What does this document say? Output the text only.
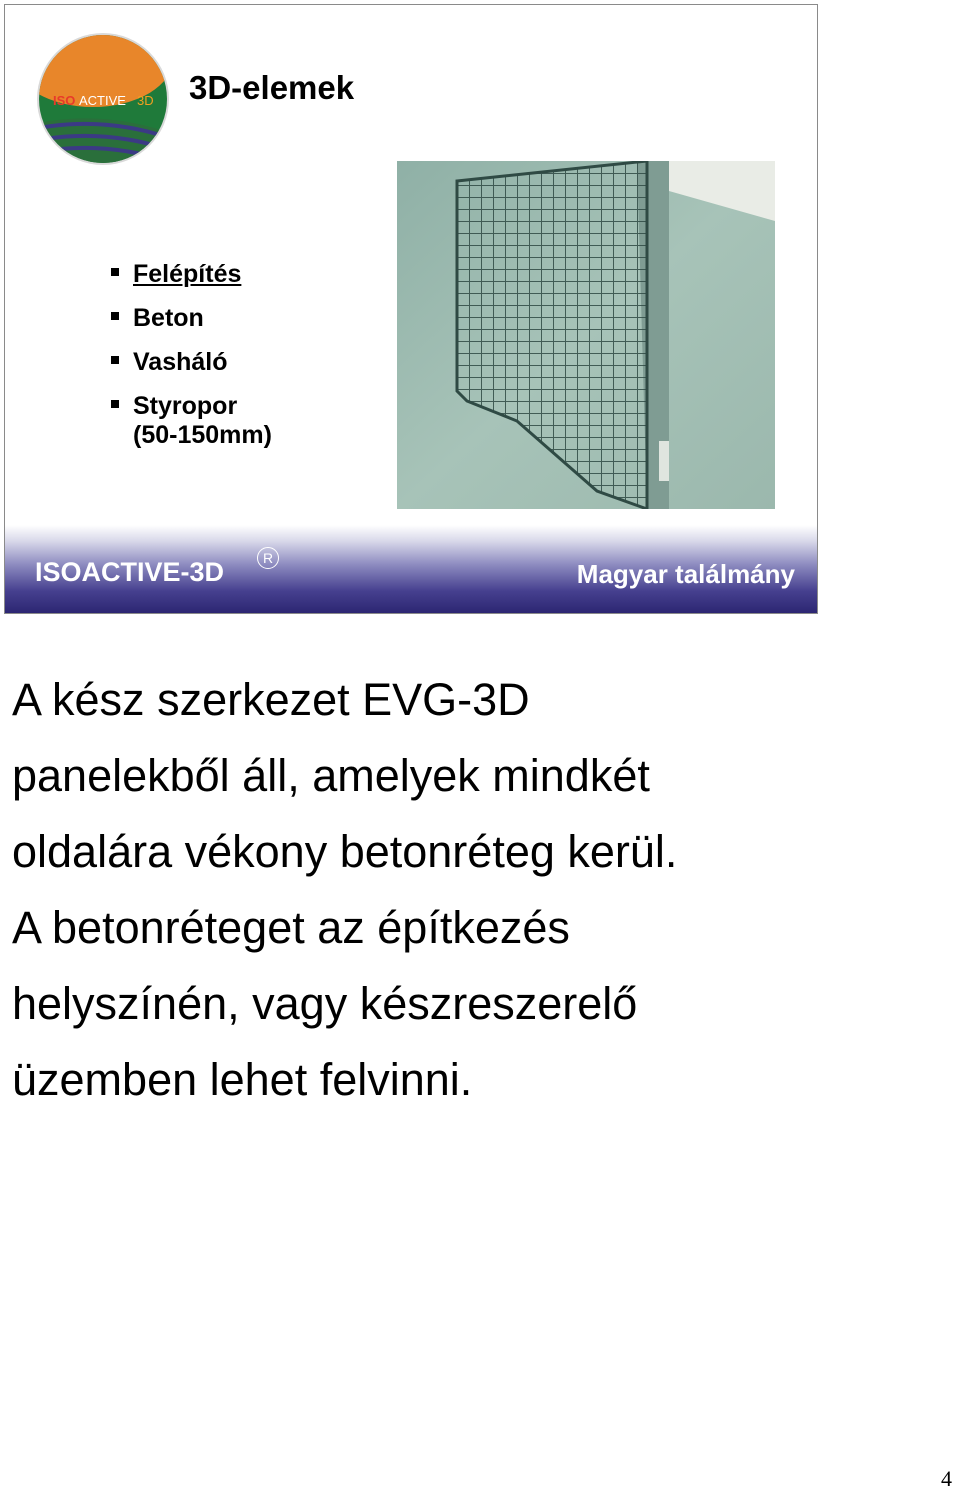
ISO ACTIVE 3D 3D-elemek
Felépítés
Beton
Vasháló
Styropor
(50-150mm)
ISOACTIVE-3D	R
Magyar találmány
A kész szerkezet EVG-3D
panelekből áll, amelyek mindkét
oldalára vékony betonréteg kerül.
A betonréteget az építkezés
helyszínén, vagy készreszerelő
üzemben lehet felvinni.
4
